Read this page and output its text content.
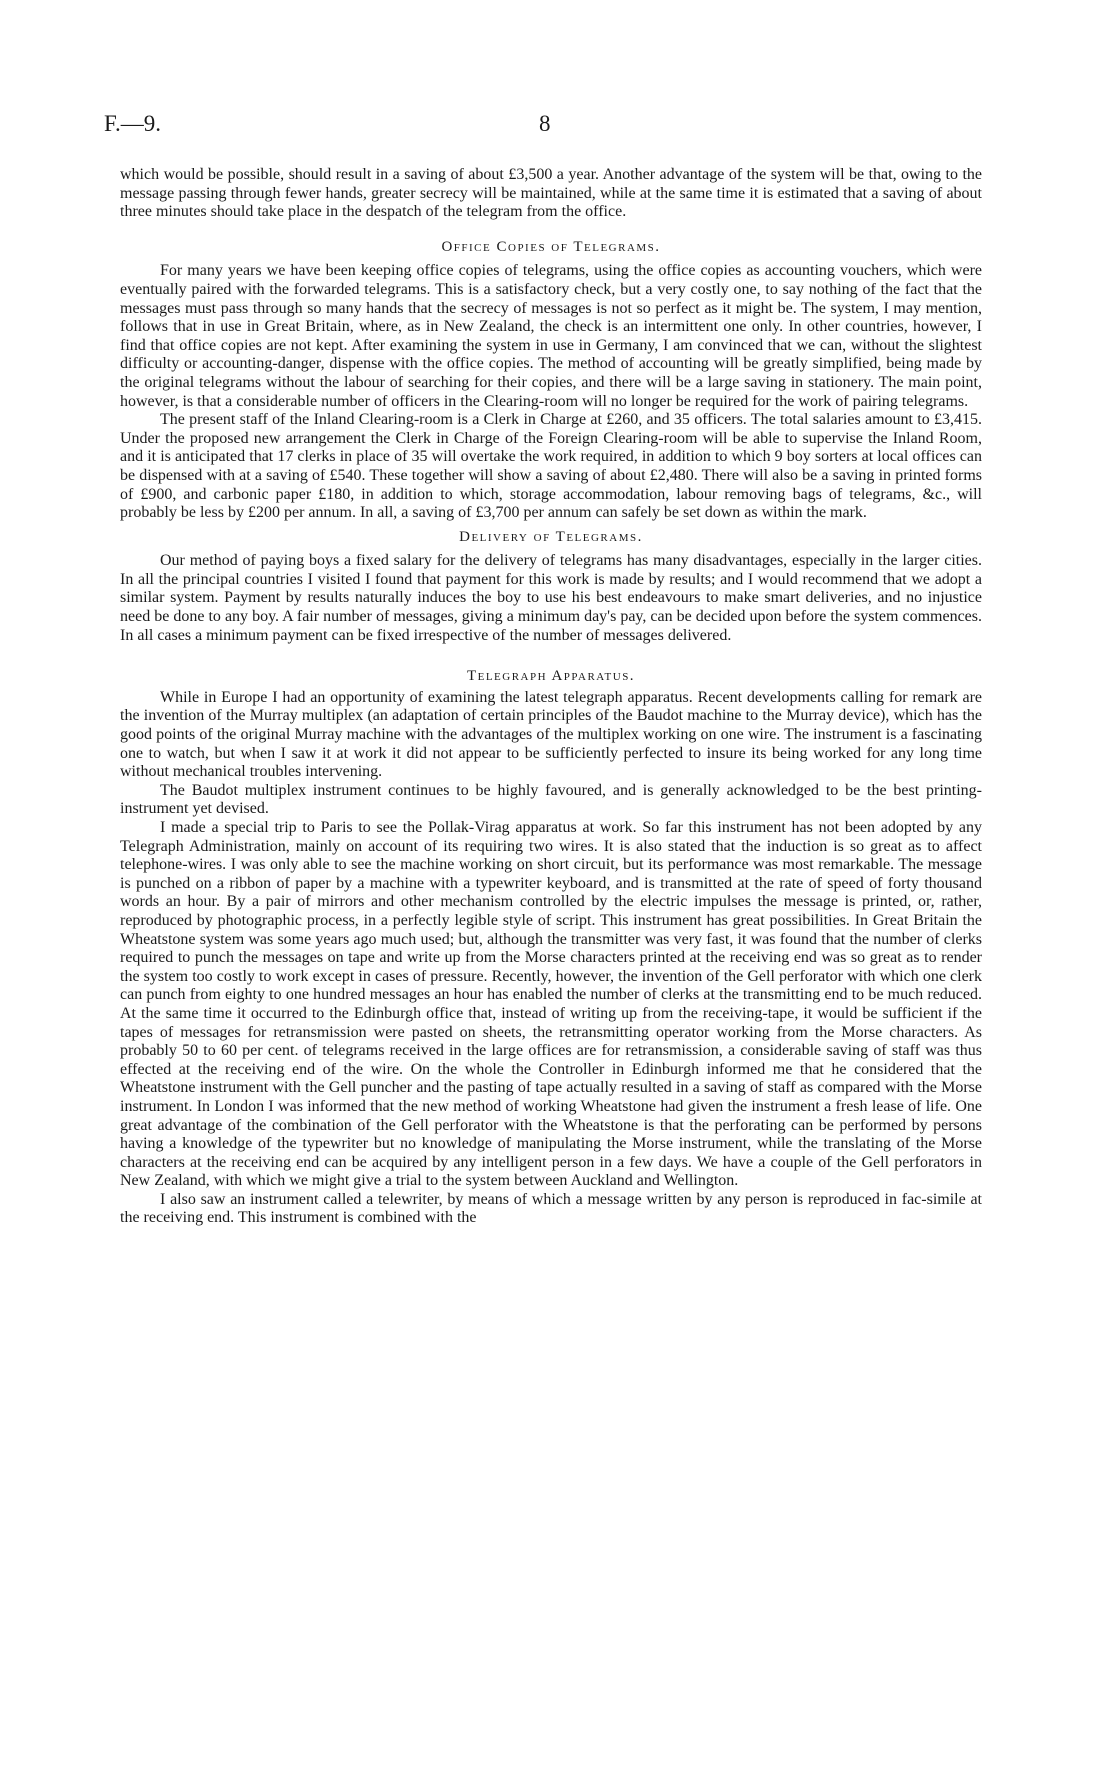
F.—9.	8

which would be possible, should result in a saving of about £3,500 a year. Another advantage of the system will be that, owing to the message passing through fewer hands, greater secrecy will be maintained, while at the same time it is estimated that a saving of about three minutes should take place in the despatch of the telegram from the office.

Office Copies of Telegrams.

For many years we have been keeping office copies of telegrams, using the office copies as accounting vouchers, which were eventually paired with the forwarded telegrams. This is a satisfactory check, but a very costly one, to say nothing of the fact that the messages must pass through so many hands that the secrecy of messages is not so perfect as it might be. The system, I may mention, follows that in use in Great Britain, where, as in New Zealand, the check is an intermittent one only. In other countries, however, I find that office copies are not kept. After examining the system in use in Germany, I am convinced that we can, without the slightest difficulty or accounting-danger, dispense with the office copies. The method of accounting will be greatly simplified, being made by the original telegrams without the labour of searching for their copies, and there will be a large saving in stationery. The main point, however, is that a considerable number of officers in the Clearing-room will no longer be required for the work of pairing telegrams.

The present staff of the Inland Clearing-room is a Clerk in Charge at £260, and 35 officers. The total salaries amount to £3,415. Under the proposed new arrangement the Clerk in Charge of the Foreign Clearing-room will be able to supervise the Inland Room, and it is anticipated that 17 clerks in place of 35 will overtake the work required, in addition to which 9 boy sorters at local offices can be dispensed with at a saving of £540. These together will show a saving of about £2,480. There will also be a saving in printed forms of £900, and carbonic paper £180, in addition to which, storage accommodation, labour removing bags of telegrams, &c., will probably be less by £200 per annum. In all, a saving of £3,700 per annum can safely be set down as within the mark.

Delivery of Telegrams.

Our method of paying boys a fixed salary for the delivery of telegrams has many disadvantages, especially in the larger cities. In all the principal countries I visited I found that payment for this work is made by results; and I would recommend that we adopt a similar system. Payment by results naturally induces the boy to use his best endeavours to make smart deliveries, and no injustice need be done to any boy. A fair number of messages, giving a minimum day's pay, can be decided upon before the system commences. In all cases a minimum payment can be fixed irrespective of the number of messages delivered.

Telegraph Apparatus.

While in Europe I had an opportunity of examining the latest telegraph apparatus. Recent developments calling for remark are the invention of the Murray multiplex (an adaptation of certain principles of the Baudot machine to the Murray device), which has the good points of the original Murray machine with the advantages of the multiplex working on one wire. The instrument is a fascinating one to watch, but when I saw it at work it did not appear to be sufficiently perfected to insure its being worked for any long time without mechanical troubles intervening.

The Baudot multiplex instrument continues to be highly favoured, and is generally acknowledged to be the best printing-instrument yet devised.

I made a special trip to Paris to see the Pollak-Virag apparatus at work. So far this instrument has not been adopted by any Telegraph Administration, mainly on account of its requiring two wires. It is also stated that the induction is so great as to affect telephone-wires. I was only able to see the machine working on short circuit, but its performance was most remarkable. The message is punched on a ribbon of paper by a machine with a typewriter keyboard, and is transmitted at the rate of speed of forty thousand words an hour. By a pair of mirrors and other mechanism controlled by the electric impulses the message is printed, or, rather, reproduced by photographic process, in a perfectly legible style of script. This instrument has great possibilities. In Great Britain the Wheatstone system was some years ago much used; but, although the transmitter was very fast, it was found that the number of clerks required to punch the messages on tape and write up from the Morse characters printed at the receiving end was so great as to render the system too costly to work except in cases of pressure. Recently, however, the invention of the Gell perforator with which one clerk can punch from eighty to one hundred messages an hour has enabled the number of clerks at the transmitting end to be much reduced. At the same time it occurred to the Edinburgh office that, instead of writing up from the receiving-tape, it would be sufficient if the tapes of messages for retransmission were pasted on sheets, the retransmitting operator working from the Morse characters. As probably 50 to 60 per cent. of telegrams received in the large offices are for retransmission, a considerable saving of staff was thus effected at the receiving end of the wire. On the whole the Controller in Edinburgh informed me that he considered that the Wheatstone instrument with the Gell puncher and the pasting of tape actually resulted in a saving of staff as compared with the Morse instrument. In London I was informed that the new method of working Wheatstone had given the instrument a fresh lease of life. One great advantage of the combination of the Gell perforator with the Wheatstone is that the perforating can be performed by persons having a knowledge of the typewriter but no knowledge of manipulating the Morse instrument, while the translating of the Morse characters at the receiving end can be acquired by any intelligent person in a few days. We have a couple of the Gell perforators in New Zealand, with which we might give a trial to the system between Auckland and Wellington.

I also saw an instrument called a telewriter, by means of which a message written by any person is reproduced in fac-simile at the receiving end. This instrument is combined with the
